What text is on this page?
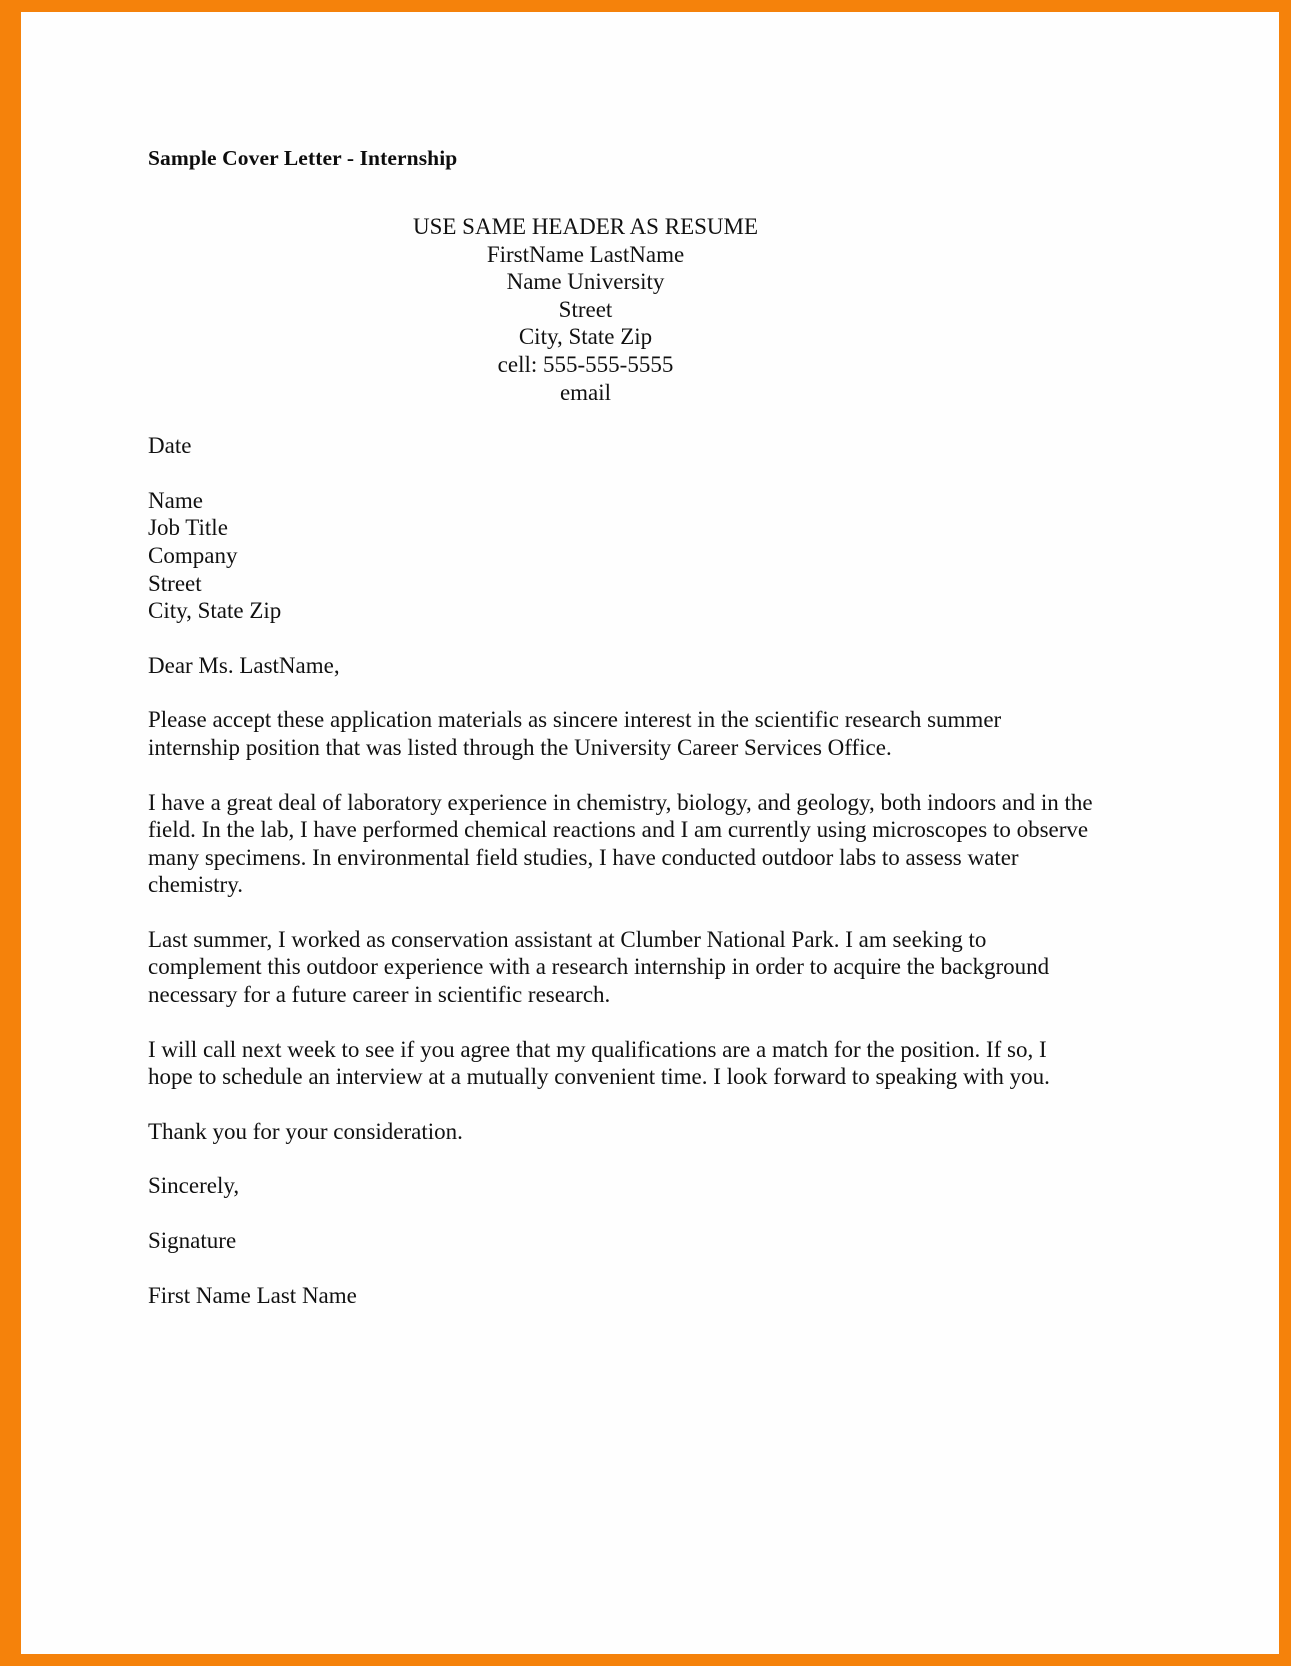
Sample Cover Letter - Internship
USE SAME HEADER AS RESUME
FirstName LastName
Name University
Street
City, State Zip
cell: 555-555-5555
email
Date
Name
Job Title
Company
Street
City, State Zip
Dear Ms. LastName,
Please accept these application materials as sincere interest in the scientific research summer internship position that was listed through the University Career Services Office.
I have a great deal of laboratory experience in chemistry, biology, and geology, both indoors and in the field. In the lab, I have performed chemical reactions and I am currently using microscopes to observe many specimens. In environmental field studies, I have conducted outdoor labs to assess water chemistry.
Last summer, I worked as conservation assistant at Clumber National Park. I am seeking to complement this outdoor experience with a research internship in order to acquire the background necessary for a future career in scientific research.
I will call next week to see if you agree that my qualifications are a match for the position. If so, I hope to schedule an interview at a mutually convenient time. I look forward to speaking with you.
Thank you for your consideration.
Sincerely,
Signature
First Name Last Name
